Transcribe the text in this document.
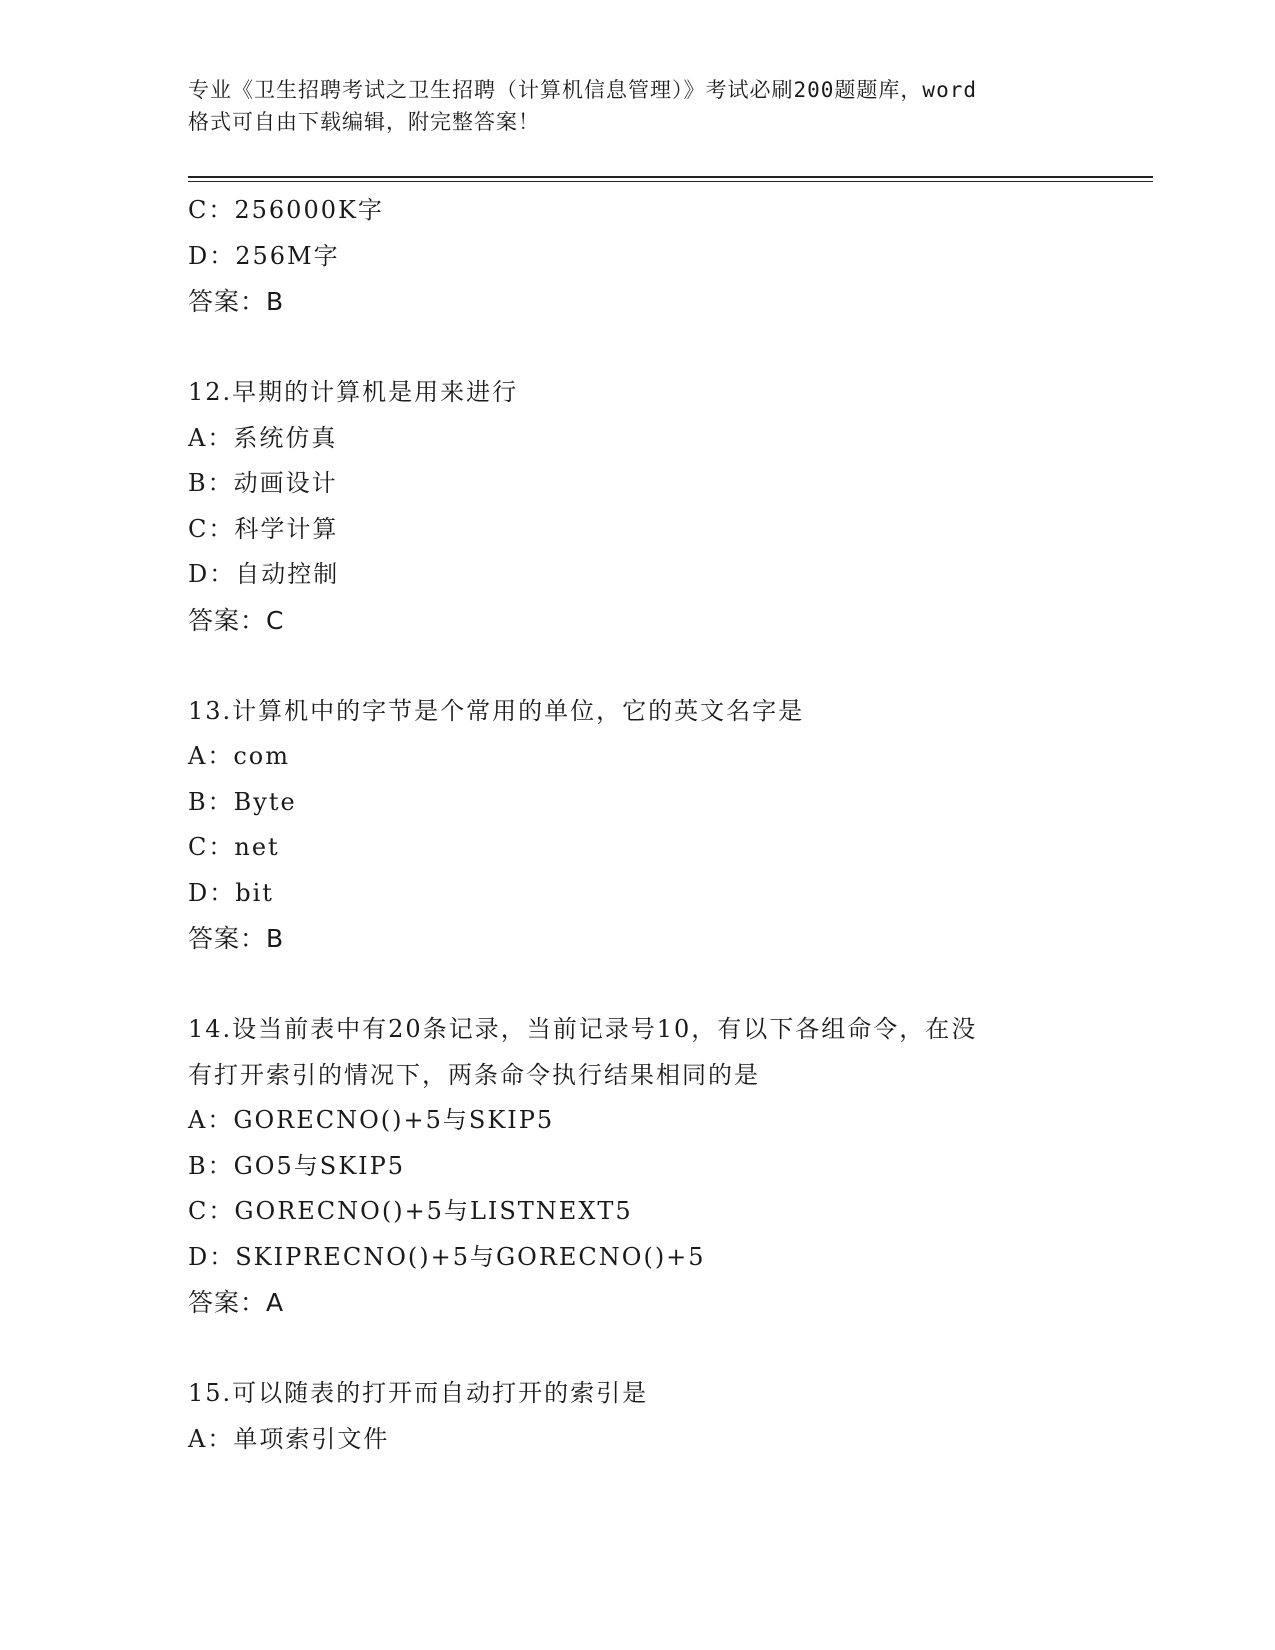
专业《卫生招聘考试之卫生招聘（计算机信息管理）》考试必刷200题题库，word
格式可自由下载编辑，附完整答案！
C：256000K字
D：256M字
答案：B
12.早期的计算机是用来进行
A：系统仿真
B：动画设计
C：科学计算
D：自动控制
答案：C
13.计算机中的字节是个常用的单位，它的英文名字是
A：com
B：Byte
C：net
D：bit
答案：B
14.设当前表中有20条记录，当前记录号10，有以下各组命令，在没
有打开索引的情况下，两条命令执行结果相同的是
A：GORECNO()+5与SKIP5
B：GO5与SKIP5
C：GORECNO()+5与LISTNEXT5
D：SKIPRECNO()+5与GORECNO()+5
答案：A
15.可以随表的打开而自动打开的索引是
A：单项索引文件
